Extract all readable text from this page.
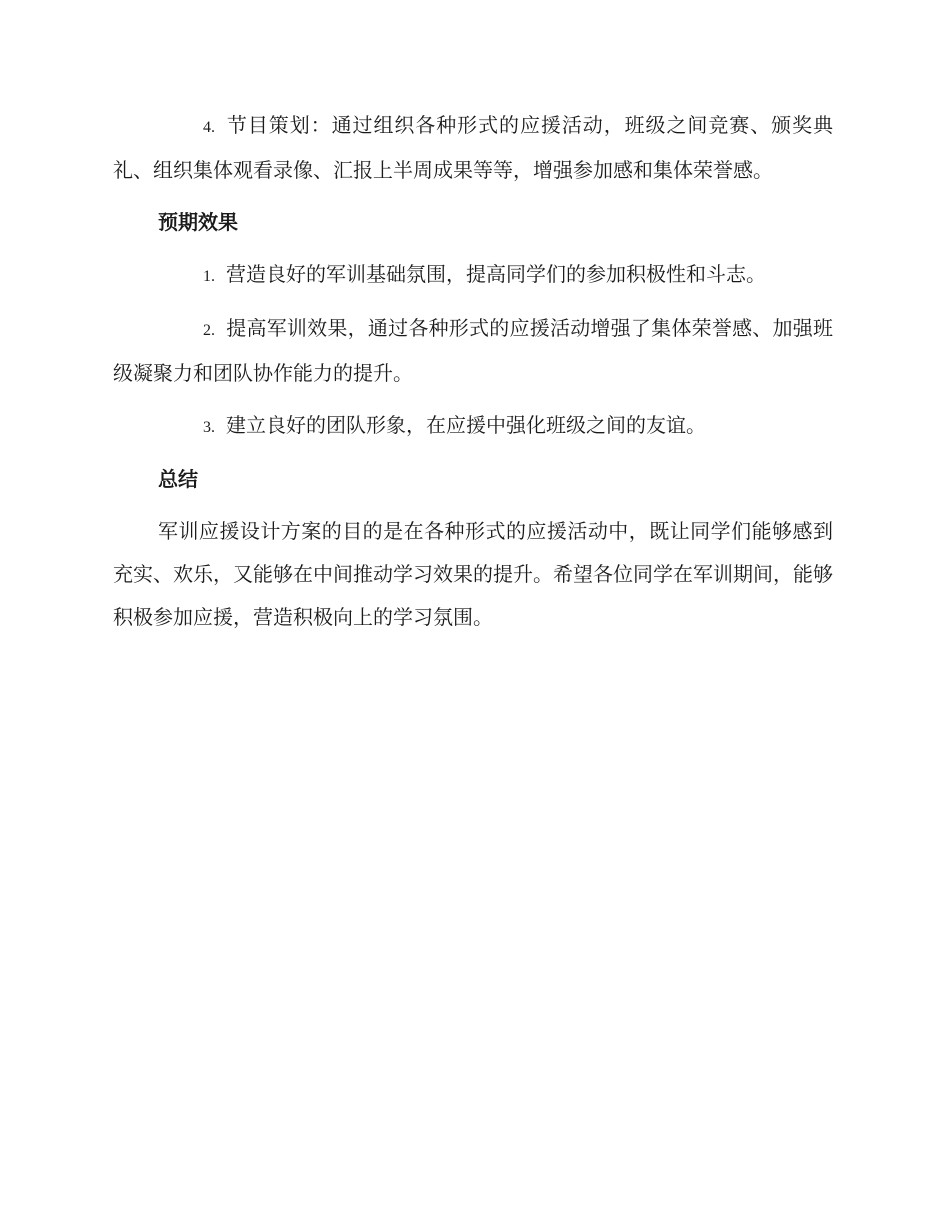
4. 节目策划：通过组织各种形式的应援活动，班级之间竞赛、颁奖典礼、组织集体观看录像、汇报上半周成果等等，增强参加感和集体荣誉感。

预期效果

1. 营造良好的军训基础氛围，提高同学们的参加积极性和斗志。

2. 提高军训效果，通过各种形式的应援活动增强了集体荣誉感、加强班级凝聚力和团队协作能力的提升。

3. 建立良好的团队形象，在应援中强化班级之间的友谊。

总结

军训应援设计方案的目的是在各种形式的应援活动中，既让同学们能够感到充实、欢乐，又能够在中间推动学习效果的提升。希望各位同学在军训期间，能够积极参加应援，营造积极向上的学习氛围。
